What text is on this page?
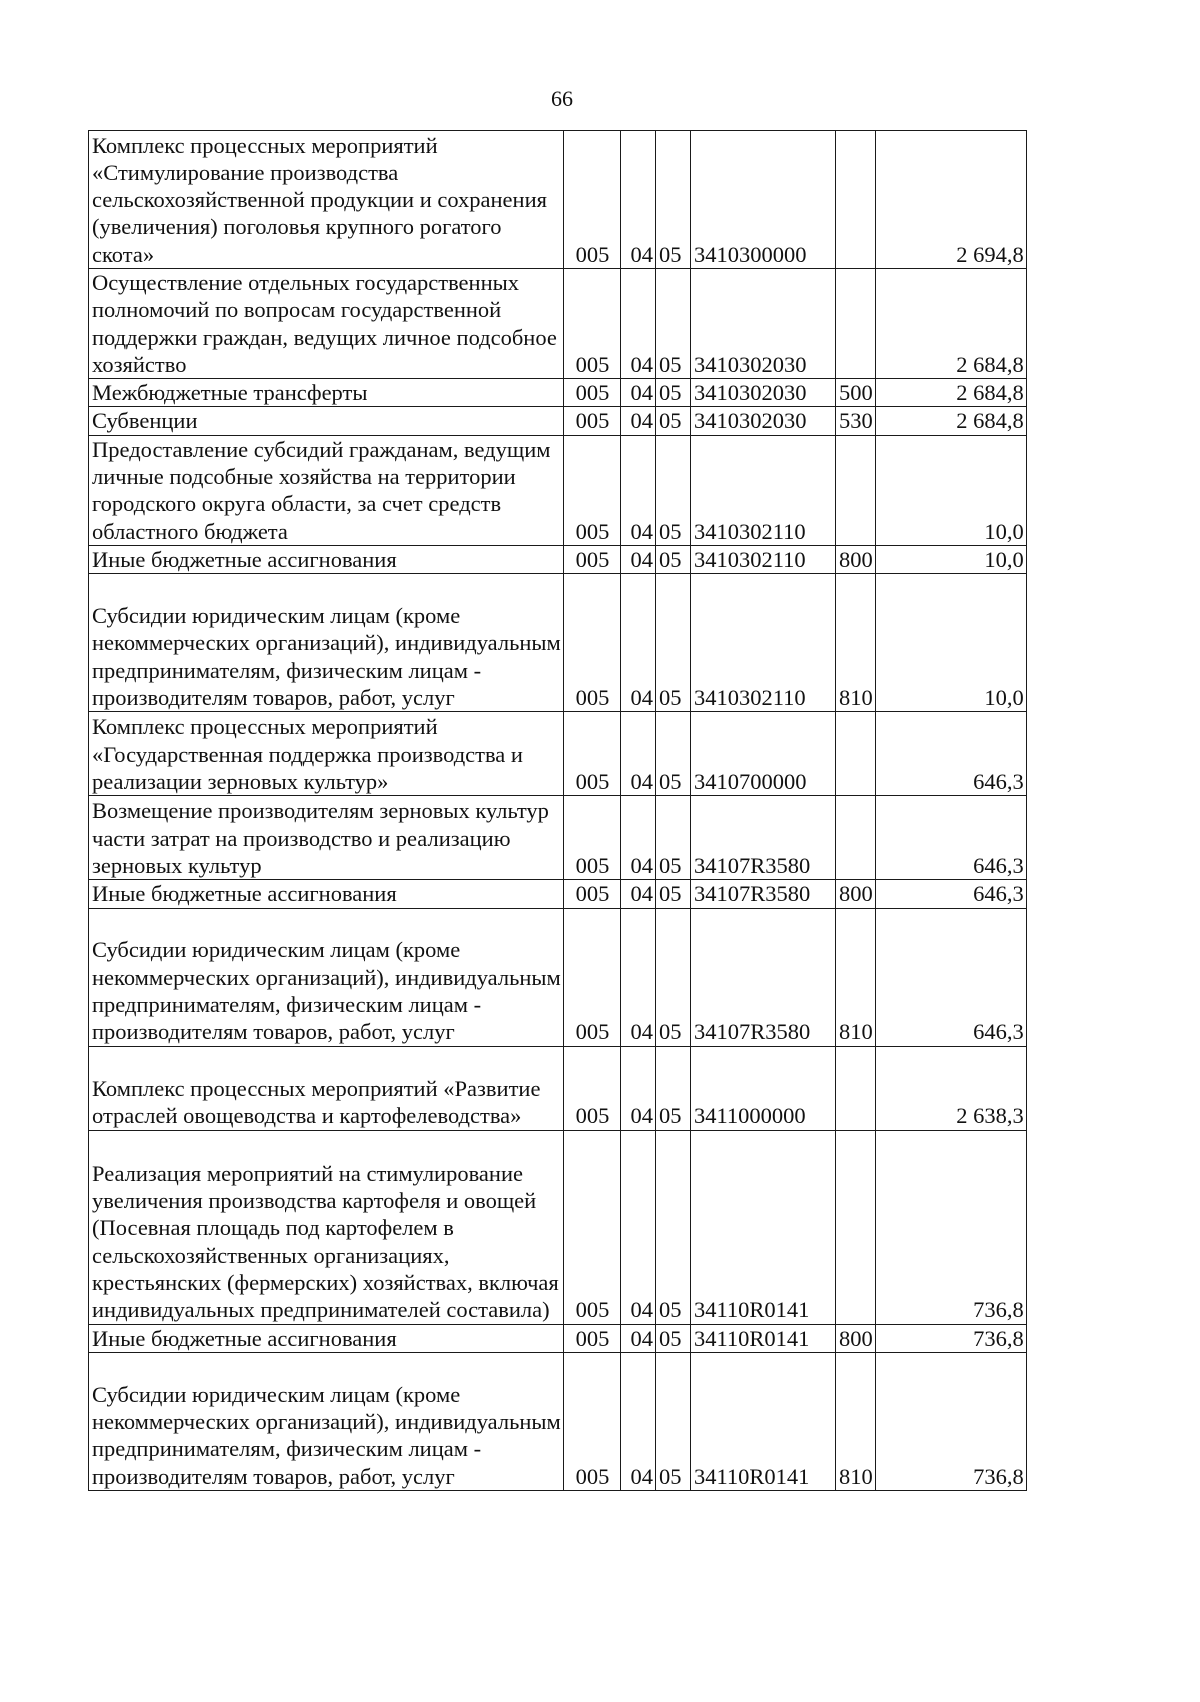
66
Комплекс процессных мероприятий «Стимулирование производства сельскохозяйственной продукции и сохранения (увеличения) поголовья крупного рогатого скота»	005	04	05	3410300000		2 694,8
Осуществление отдельных государственных полномочий по вопросам государственной поддержки граждан, ведущих личное подсобное хозяйство	005	04	05	3410302030		2 684,8
Межбюджетные трансферты	005	04	05	3410302030	500	2 684,8
Субвенции	005	04	05	3410302030	530	2 684,8
Предоставление субсидий гражданам, ведущим личные подсобные хозяйства на территории городского округа области, за счет средств областного бюджета	005	04	05	3410302110		10,0
Иные бюджетные ассигнования	005	04	05	3410302110	800	10,0
Субсидии юридическим лицам (кроме некоммерческих организаций), индивидуальным предпринимателям, физическим лицам - производителям товаров, работ, услуг	005	04	05	3410302110	810	10,0
Комплекс процессных мероприятий «Государственная поддержка производства и реализации зерновых культур»	005	04	05	3410700000		646,3
Возмещение производителям зерновых культур части затрат на производство и реализацию зерновых культур	005	04	05	34107R3580		646,3
Иные бюджетные ассигнования	005	04	05	34107R3580	800	646,3
Субсидии юридическим лицам (кроме некоммерческих организаций), индивидуальным предпринимателям, физическим лицам - производителям товаров, работ, услуг	005	04	05	34107R3580	810	646,3
Комплекс процессных мероприятий «Развитие отраслей овощеводства и картофелеводства»	005	04	05	3411000000		2 638,3
Реализация мероприятий на стимулирование увеличения производства картофеля и овощей (Посевная площадь под картофелем в сельскохозяйственных организациях, крестьянских (фермерских) хозяйствах, включая индивидуальных предпринимателей составила)	005	04	05	34110R0141		736,8
Иные бюджетные ассигнования	005	04	05	34110R0141	800	736,8
Субсидии юридическим лицам (кроме некоммерческих организаций), индивидуальным предпринимателям, физическим лицам - производителям товаров, работ, услуг	005	04	05	34110R0141	810	736,8
